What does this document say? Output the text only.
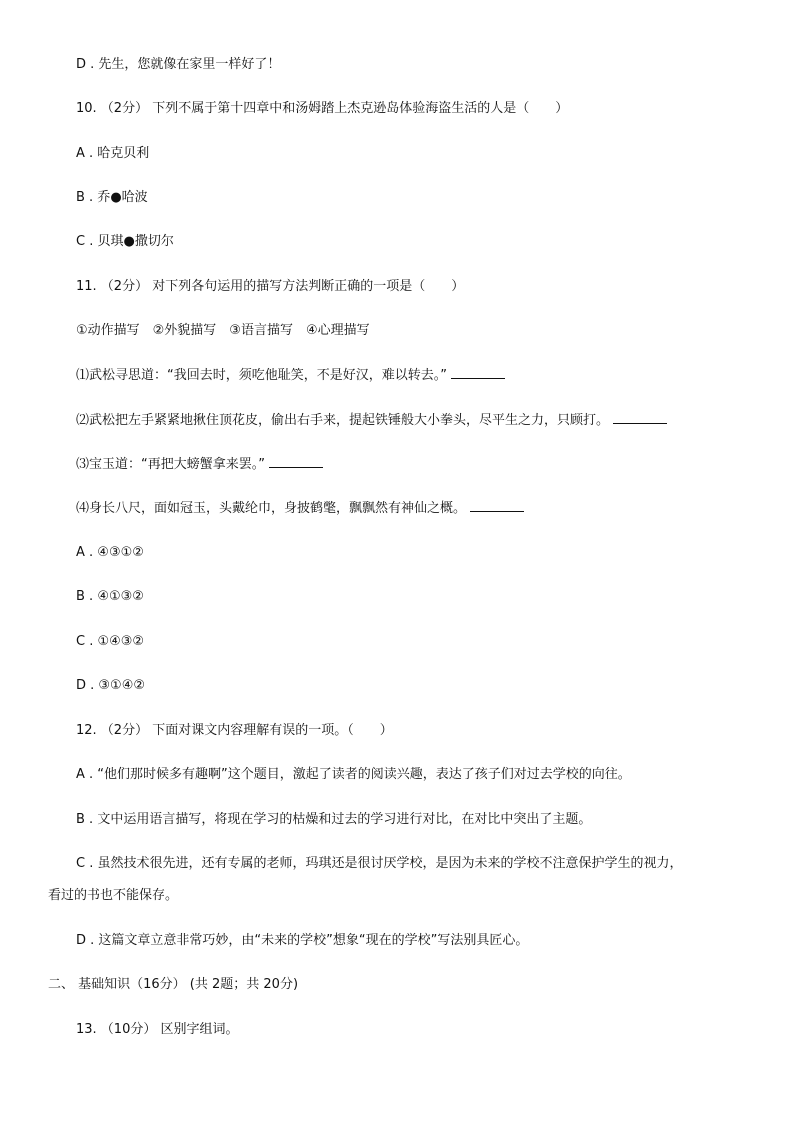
D . 先生，您就像在家里一样好了！
10. （2分） 下列不属于第十四章中和汤姆踏上杰克逊岛体验海盗生活的人是（　　）
A . 哈克贝利
B . 乔●哈波
C . 贝琪●撒切尔
11. （2分） 对下列各句运用的描写方法判断正确的一项是（　　）
①动作描写　②外貌描写　③语言描写　④心理描写
⑴武松寻思道：“我回去时，须吃他耻笑，不是好汉，难以转去。”
⑵武松把左手紧紧地揪住顶花皮，偷出右手来，提起铁锤般大小拳头，尽平生之力，只顾打。
⑶宝玉道：“再把大螃蟹拿来罢。”
⑷身长八尺，面如冠玉，头戴纶巾，身披鹤氅，飘飘然有神仙之概。
A . ④③①②
B . ④①③②
C . ①④③②
D . ③①④②
12. （2分） 下面对课文内容理解有误的一项。（　　）
A . “他们那时候多有趣啊”这个题目，激起了读者的阅读兴趣，表达了孩子们对过去学校的向往。
B . 文中运用语言描写，将现在学习的枯燥和过去的学习进行对比，在对比中突出了主题。
C . 虽然技术很先进，还有专属的老师，玛琪还是很讨厌学校，是因为未来的学校不注意保护学生的视力，
看过的书也不能保存。
D . 这篇文章立意非常巧妙，由“未来的学校”想象“现在的学校”写法别具匠心。
二、 基础知识（16分） (共 2题；共 20分)
13. （10分） 区别字组词。
